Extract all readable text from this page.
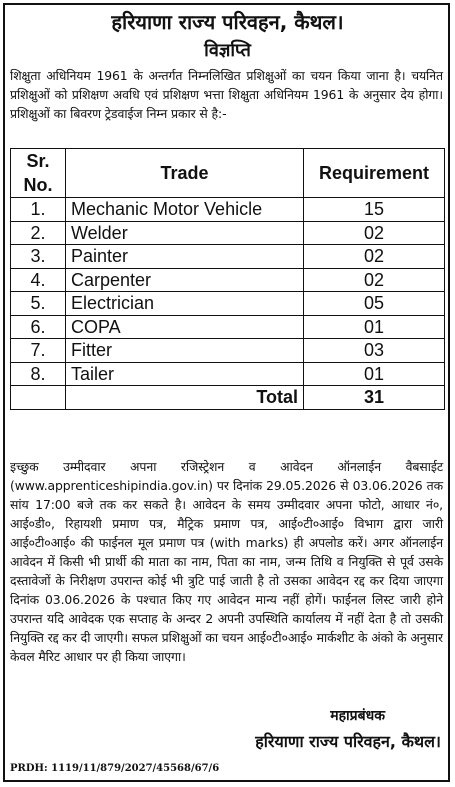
हरियाणा राज्य परिवहन, कैथल।
विज्ञप्ति
शिक्षुता अधिनियम 1961 के अन्तर्गत निम्नलिखित प्रशिक्षुओं का चयन किया जाना है। चयनित प्रशिक्षुओं को प्रशिक्षण अवधि एवं प्रशिक्षण भत्ता शिक्षुता अधिनियम 1961 के अनुसार देय होगा। प्रशिक्षुओं का बिवरण ट्रेडवाईज निम्न प्रकार से है:-
Sr. No.	Trade	Requirement
1.	Mechanic Motor Vehicle	15
2.	Welder	02
3.	Painter	02
4.	Carpenter	02
5.	Electrician	05
6.	COPA	01
7.	Fitter	03
8.	Tailer	01
	Total	31
इच्छुक उम्मीदवार अपना रजिस्ट्रेशन व आवेदन ऑनलाईन वैबसाईट (www.apprenticeshipindia.gov.in) पर दिनांक 29.05.2026 से 03.06.2026 तक सांय 17:00 बजे तक कर सकते है। आवेदन के समय उम्मीदवार अपना फोटो, आधार नं०, आई०डी०, रिहायशी प्रमाण पत्र, मैट्रिक प्रमाण पत्र, आई०टी०आई० विभाग द्वारा जारी आई०टी०आई० की फाईनल मूल प्रमाण पत्र (with marks) ही अपलोड करें। अगर ऑनलाईन आवेदन में किसी भी प्रार्थी की माता का नाम, पिता का नाम, जन्म तिथि व नियुक्ति से पूर्व उसके दस्तावेजों के निरीक्षण उपरान्त कोई भी त्रुटि पाई जाती है तो उसका आवेदन रद्द कर दिया जाएगा दिनांक 03.06.2026 के पश्चात किए गए आवेदन मान्य नहीं होगें। फाईनल लिस्ट जारी होने उपरान्त यदि आवेदक एक सप्ताह के अन्दर 2 अपनी उपस्थिति कार्यालय में नहीं देता है तो उसकी नियुक्ति रद्द कर दी जाएगी। सफल प्रशिक्षुओं का चयन आई०टी०आई० मार्कशीट के अंको के अनुसार केवल मैरिट आधार पर ही किया जाएगा।
महाप्रबंधक
हरियाणा राज्य परिवहन, कैथल।
PRDH: 1119/11/879/2027/45568/67/6
